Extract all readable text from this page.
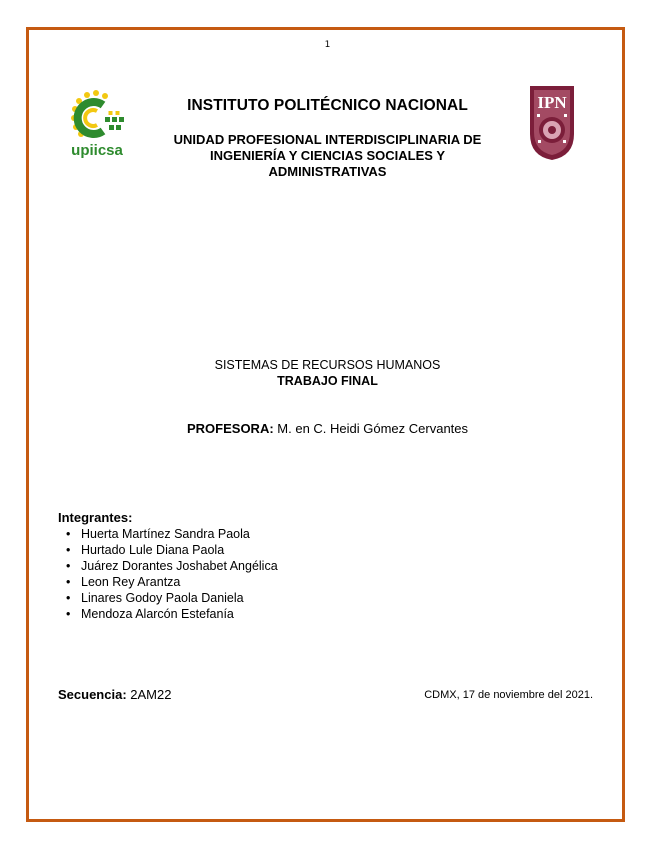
1
upiicsa
IPN
INSTITUTO POLITÉCNICO NACIONAL
UNIDAD PROFESIONAL INTERDISCIPLINARIA DE
INGENIERÍA Y CIENCIAS SOCIALES Y
ADMINISTRATIVAS
SISTEMAS DE RECURSOS HUMANOS
TRABAJO FINAL
PROFESORA: M. en C. Heidi Gómez Cervantes
Integrantes:
• Huerta Martínez Sandra Paola
• Hurtado Lule Diana Paola
• Juárez Dorantes Joshabet Angélica
• Leon Rey Arantza
• Linares Godoy Paola Daniela
• Mendoza Alarcón Estefanía
Secuencia: 2AM22	CDMX, 17 de noviembre del 2021.
